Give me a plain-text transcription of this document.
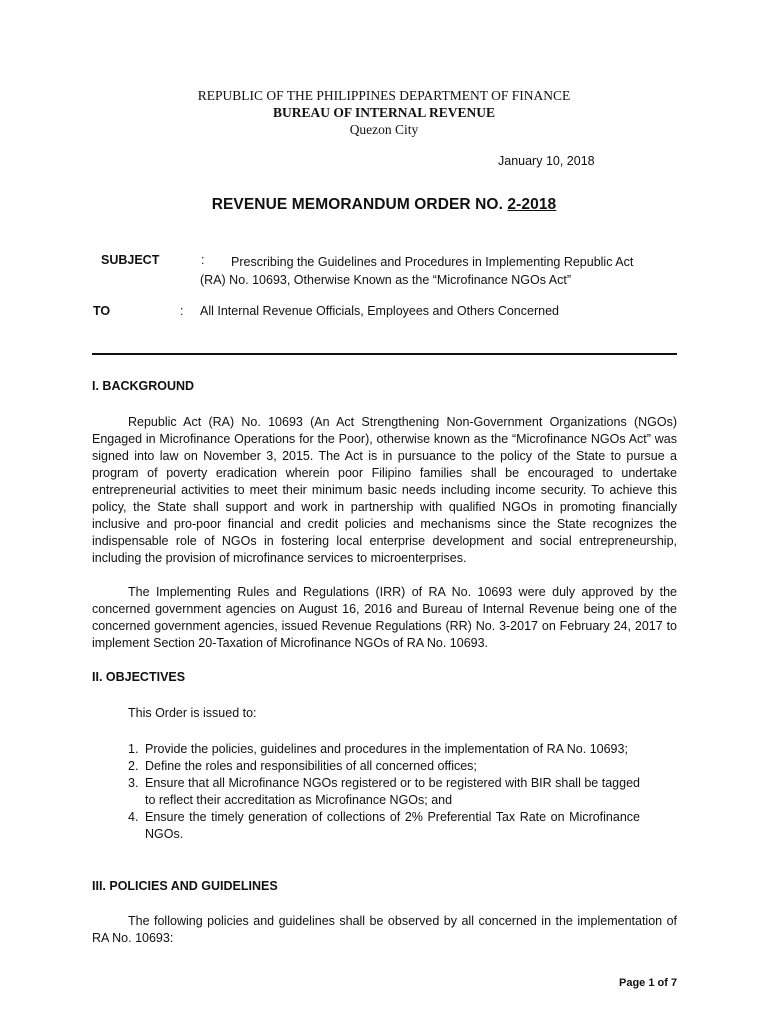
REPUBLIC OF THE PHILIPPINES DEPARTMENT OF FINANCE
BUREAU OF INTERNAL REVENUE
Quezon City
January 10, 2018
REVENUE MEMORANDUM ORDER NO. 2-2018
SUBJECT	:	Prescribing the Guidelines and Procedures in Implementing Republic Act (RA) No. 10693, Otherwise Known as the “Microfinance NGOs Act”
TO	: All Internal Revenue Officials, Employees and Others Concerned
I. BACKGROUND

Republic Act (RA) No. 10693 (An Act Strengthening Non-Government Organizations (NGOs) Engaged in Microfinance Operations for the Poor), otherwise known as the “Microfinance NGOs Act” was signed into law on November 3, 2015. The Act is in pursuance to the policy of the State to pursue a program of poverty eradication wherein poor Filipino families shall be encouraged to undertake entrepreneurial activities to meet their minimum basic needs including income security. To achieve this policy, the State shall support and work in partnership with qualified NGOs in promoting financially inclusive and pro-poor financial and credit policies and mechanisms since the State recognizes the indispensable role of NGOs in fostering local enterprise development and social entrepreneurship, including the provision of microfinance services to microenterprises.

The Implementing Rules and Regulations (IRR) of RA No. 10693 were duly approved by the concerned government agencies on August 16, 2016 and Bureau of Internal Revenue being one of the concerned government agencies, issued Revenue Regulations (RR) No. 3-2017 on February 24, 2017 to implement Section 20-Taxation of Microfinance NGOs of RA No. 10693.

II. OBJECTIVES
This Order is issued to:
1. Provide the policies, guidelines and procedures in the implementation of RA No. 10693;
2. Define the roles and responsibilities of all concerned offices;
3. Ensure that all Microfinance NGOs registered or to be registered with BIR shall be tagged to reflect their accreditation as Microfinance NGOs; and
4. Ensure the timely generation of collections of 2% Preferential Tax Rate on Microfinance NGOs.
III. POLICIES AND GUIDELINES

The following policies and guidelines shall be observed by all concerned in the implementation of RA No. 10693:

Page 1 of 7
